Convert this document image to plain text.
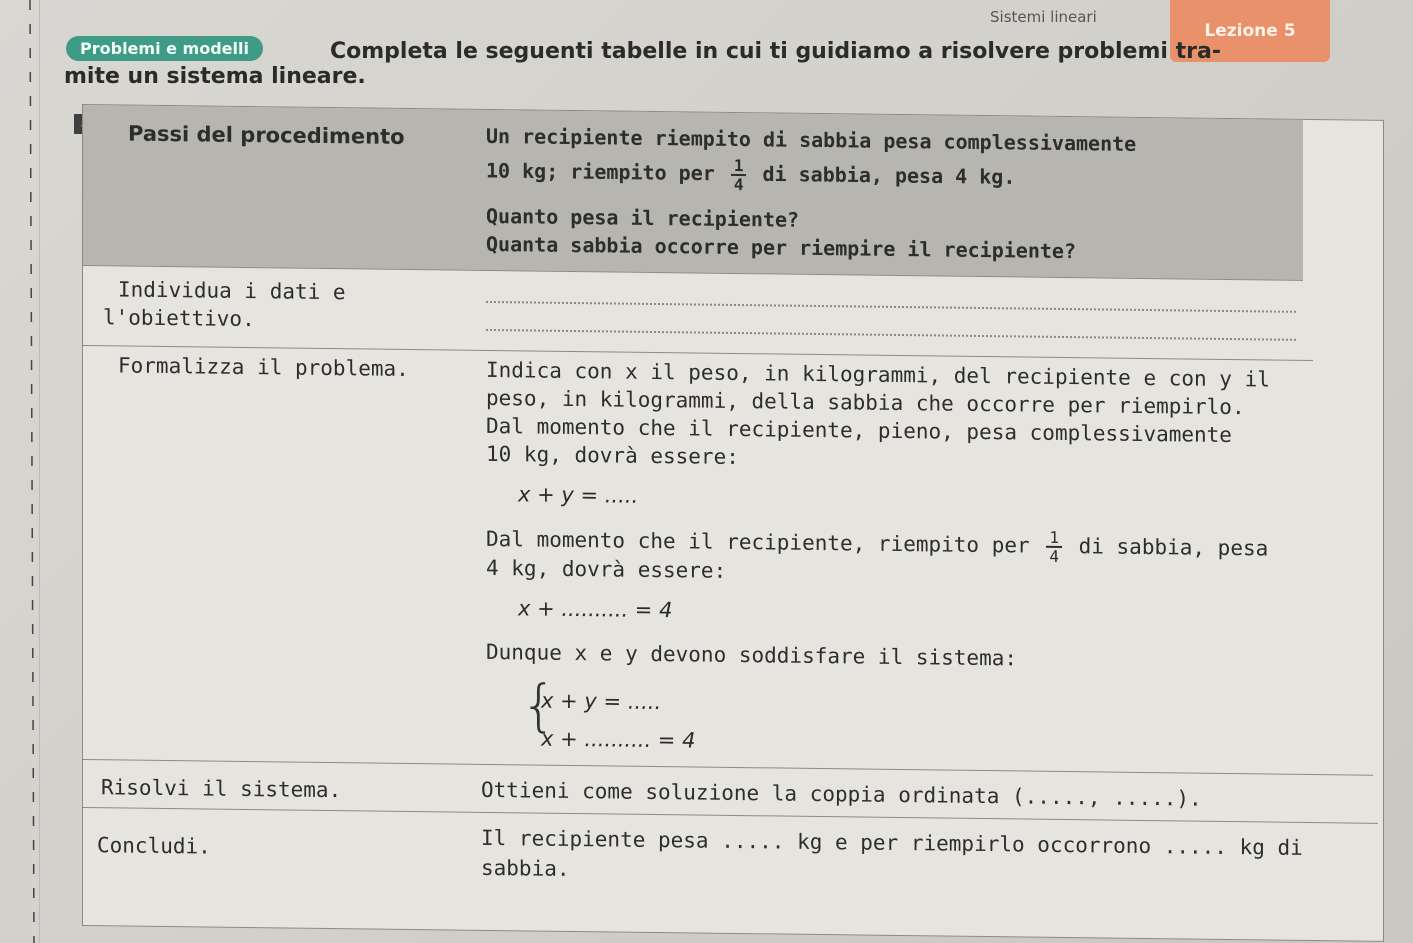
Sistemi lineari
Lezione 5
Problemi e modelli	Completa le seguenti tabelle in cui ti guidiamo a risolvere problemi tra-
mite un sistema lineare.
Passi del procedimento	Un recipiente riempito di sabbia pesa complessivamente
10 kg; riempito per $\frac{1}{4}$ di sabbia, pesa 4 kg.
Quanto pesa il recipiente?
Quanta sabbia occorre per riempire il recipiente?
Individua i dati e
l'obiettivo.
Formalizza il problema.	Indica con x il peso, in kilogrammi, del recipiente e con y il
peso, in kilogrammi, della sabbia che occorre per riempirlo.
Dal momento che il recipiente, pieno, pesa complessivamente
10 kg, dovrà essere:
x + y = .....
Dal momento che il recipiente, riempito per $\frac{1}{4}$ di sabbia, pesa
4 kg, dovrà essere:
x + .......... = 4
Dunque x e y devono soddisfare il sistema:
{
x + y = .....
x + .......... = 4
Risolvi il sistema.	Ottieni come soluzione la coppia ordinata (....., .....).
Concludi.	Il recipiente pesa ..... kg e per riempirlo occorrono ..... kg di
sabbia.
